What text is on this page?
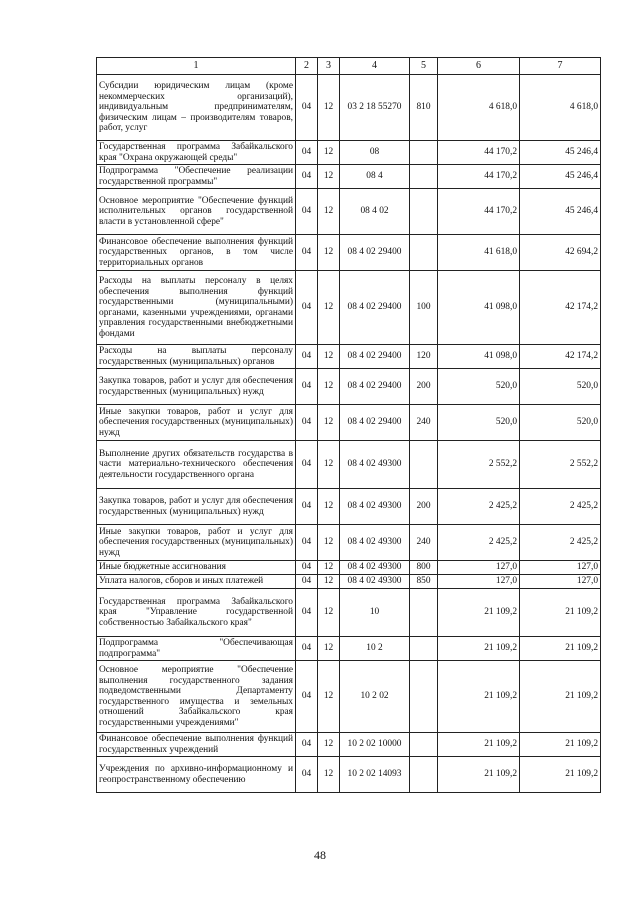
1	2	3	4	5	6	7
Субсидии юридическим лицам (кроме некоммерческих организаций), индивидуальным предпринимателям, физическим лицам – производителям товаров, работ, услуг	04	12	03 2 18 55270	810	4 618,0	4 618,0
Государственная программа Забайкальского края "Охрана окружающей среды"	04	12	08		44 170,2	45 246,4
Подпрограмма "Обеспечение реализации государственной программы"	04	12	08 4		44 170,2	45 246,4
Основное мероприятие "Обеспечение функций исполнительных органов государственной власти в установленной сфере"	04	12	08 4 02		44 170,2	45 246,4
Финансовое обеспечение выполнения функций государственных органов, в том числе территориальных органов	04	12	08 4 02 29400		41 618,0	42 694,2
Расходы на выплаты персоналу в целях обеспечения выполнения функций государственными (муниципальными) органами, казенными учреждениями, органами управления государственными внебюджетными фондами	04	12	08 4 02 29400	100	41 098,0	42 174,2
Расходы на выплаты персоналу государственных (муниципальных) органов	04	12	08 4 02 29400	120	41 098,0	42 174,2
Закупка товаров, работ и услуг для обеспечения государственных (муниципальных) нужд	04	12	08 4 02 29400	200	520,0	520,0
Иные закупки товаров, работ и услуг для обеспечения государственных (муниципальных) нужд	04	12	08 4 02 29400	240	520,0	520,0
Выполнение других обязательств государства в части материально-технического обеспечения деятельности государственного органа	04	12	08 4 02 49300		2 552,2	2 552,2
Закупка товаров, работ и услуг для обеспечения государственных (муниципальных) нужд	04	12	08 4 02 49300	200	2 425,2	2 425,2
Иные закупки товаров, работ и услуг для обеспечения государственных (муниципальных) нужд	04	12	08 4 02 49300	240	2 425,2	2 425,2
Иные бюджетные ассигнования	04	12	08 4 02 49300	800	127,0	127,0
Уплата налогов, сборов и иных платежей	04	12	08 4 02 49300	850	127,0	127,0
Государственная программа Забайкальского края "Управление государственной собственностью Забайкальского края"	04	12	10		21 109,2	21 109,2
Подпрограмма "Обеспечивающая подпрограмма"	04	12	10 2		21 109,2	21 109,2
Основное мероприятие "Обеспечение выполнения государственного задания подведомственными Департаменту государственного имущества и земельных отношений Забайкальского края государственными учреждениями"	04	12	10 2 02		21 109,2	21 109,2
Финансовое обеспечение выполнения функций государственных учреждений	04	12	10 2 02 10000		21 109,2	21 109,2
Учреждения по архивно-информационному и геопространственному обеспечению	04	12	10 2 02 14093		21 109,2	21 109,2
48
